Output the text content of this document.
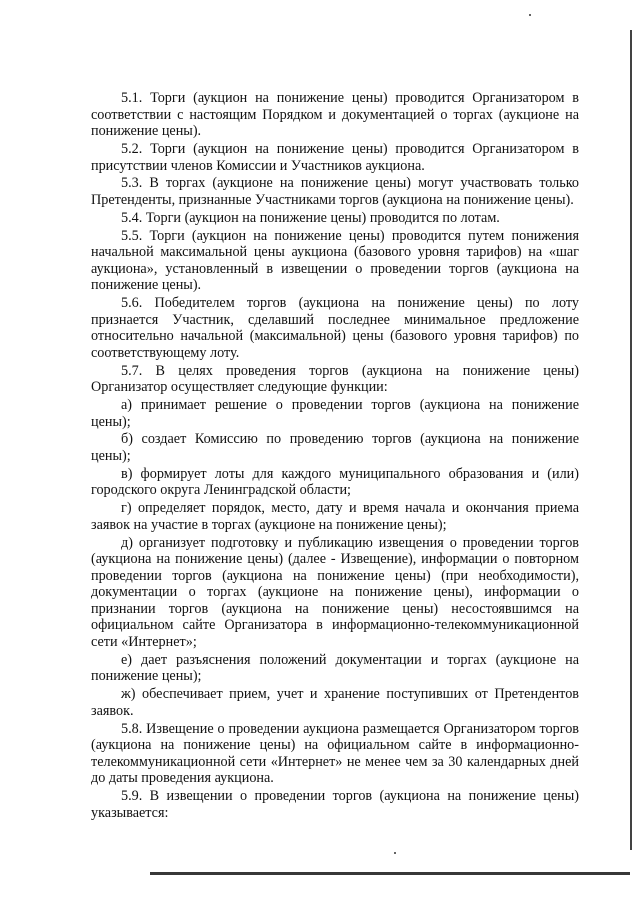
5.1. Торги (аукцион на понижение цены) проводится Организатором в соответствии с настоящим Порядком и документацией о торгах (аукционе на понижение цены).

5.2. Торги (аукцион на понижение цены) проводится Организатором в присутствии членов Комиссии и Участников аукциона.

5.3. В торгах (аукционе на понижение цены) могут участвовать только Претенденты, признанные Участниками торгов (аукциона на понижение цены).

5.4. Торги (аукцион на понижение цены) проводится по лотам.

5.5. Торги (аукцион на понижение цены) проводится путем понижения начальной максимальной цены аукциона (базового уровня тарифов) на «шаг аукциона», установленный в извещении о проведении торгов (аукциона на понижение цены).

5.6. Победителем торгов (аукциона на понижение цены) по лоту признается Участник, сделавший последнее минимальное предложение относительно начальной (максимальной) цены (базового уровня тарифов) по соответствующему лоту.

5.7. В целях проведения торгов (аукциона на понижение цены) Организатор осуществляет следующие функции:

а) принимает решение о проведении торгов (аукциона на понижение цены);

б) создает Комиссию по проведению торгов (аукциона на понижение цены);

в) формирует лоты для каждого муниципального образования и (или) городского округа Ленинградской области;

г) определяет порядок, место, дату и время начала и окончания приема заявок на участие в торгах (аукционе на понижение цены);

д) организует подготовку и публикацию извещения о проведении торгов (аукциона на понижение цены) (далее - Извещение), информации о повторном проведении торгов (аукциона на понижение цены) (при необходимости), документации о торгах (аукционе на понижение цены), информации о признании торгов (аукциона на понижение цены) несостоявшимся на официальном сайте Организатора в информационно-телекоммуникационной сети «Интернет»;

е) дает разъяснения положений документации и торгах (аукционе на понижение цены);

ж) обеспечивает прием, учет и хранение поступивших от Претендентов заявок.

5.8. Извещение о проведении аукциона размещается Организатором торгов (аукциона на понижение цены) на официальном сайте в информационно-телекоммуникационной сети «Интернет» не менее чем за 30 календарных дней до даты проведения аукциона.

5.9. В извещении о проведении торгов (аукциона на понижение цены) указывается:
